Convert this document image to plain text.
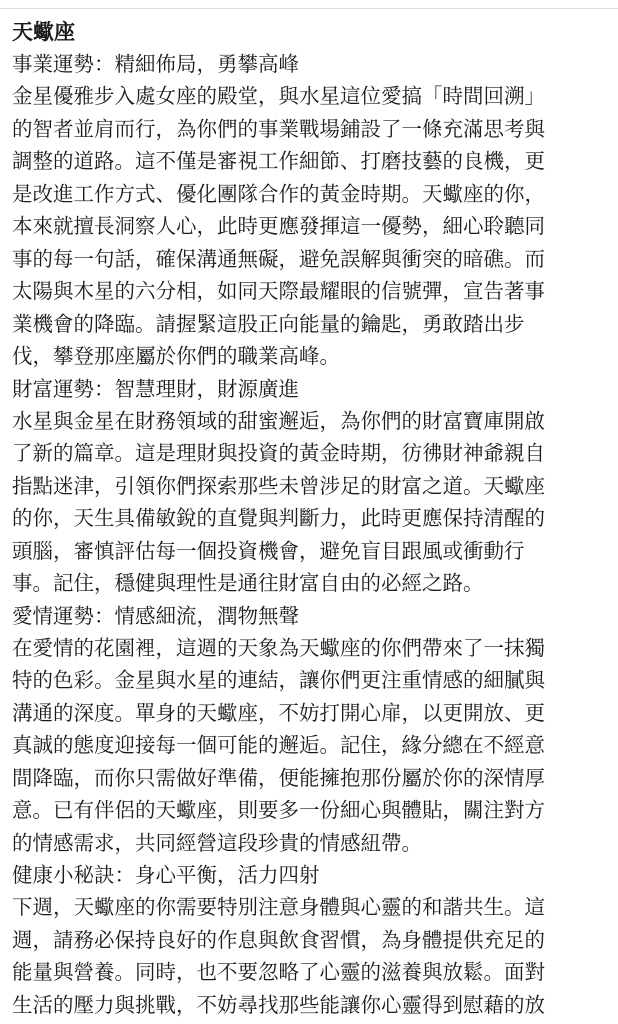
天蠍座
事業運勢：精細佈局，勇攀高峰
金星優雅步入處女座的殿堂，與水星這位愛搞「時間回溯」
的智者並肩而行，為你們的事業戰場鋪設了一條充滿思考與
調整的道路。這不僅是審視工作細節、打磨技藝的良機，更
是改進工作方式、優化團隊合作的黃金時期。天蠍座的你，
本來就擅長洞察人心，此時更應發揮這一優勢，細心聆聽同
事的每一句話，確保溝通無礙，避免誤解與衝突的暗礁。而
太陽與木星的六分相，如同天際最耀眼的信號彈，宣告著事
業機會的降臨。請握緊這股正向能量的鑰匙，勇敢踏出步
伐，攀登那座屬於你們的職業高峰。
財富運勢：智慧理財，財源廣進
水星與金星在財務領域的甜蜜邂逅，為你們的財富寶庫開啟
了新的篇章。這是理財與投資的黃金時期，彷彿財神爺親自
指點迷津，引領你們探索那些未曾涉足的財富之道。天蠍座
的你，天生具備敏銳的直覺與判斷力，此時更應保持清醒的
頭腦，審慎評估每一個投資機會，避免盲目跟風或衝動行
事。記住，穩健與理性是通往財富自由的必經之路。
愛情運勢：情感細流，潤物無聲
在愛情的花園裡，這週的天象為天蠍座的你們帶來了一抹獨
特的色彩。金星與水星的連結，讓你們更注重情感的細膩與
溝通的深度。單身的天蠍座，不妨打開心扉，以更開放、更
真誠的態度迎接每一個可能的邂逅。記住，緣分總在不經意
間降臨，而你只需做好準備，便能擁抱那份屬於你的深情厚
意。已有伴侶的天蠍座，則要多一份細心與體貼，關注對方
的情感需求，共同經營這段珍貴的情感紐帶。
健康小秘訣：身心平衡，活力四射
下週，天蠍座的你需要特別注意身體與心靈的和諧共生。這
週，請務必保持良好的作息與飲食習慣，為身體提供充足的
能量與營養。同時，也不要忽略了心靈的滋養與放鬆。面對
生活的壓力與挑戰，不妨尋找那些能讓你心靈得到慰藉的放
